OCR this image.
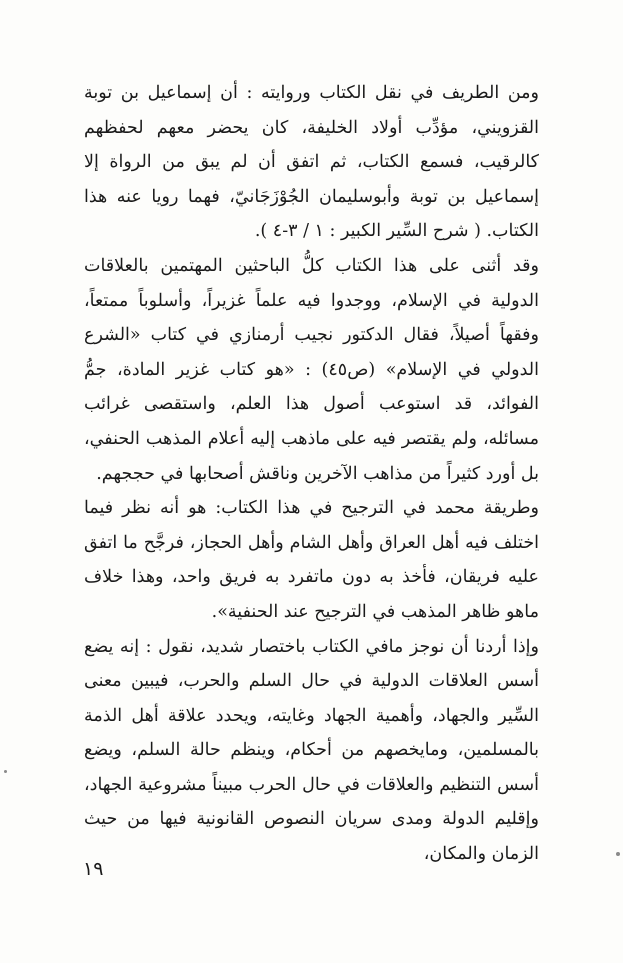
ومن الطريف في نقل الكتاب وروايته : أن إسماعيل بن توبة القزويني، مؤدِّب أولاد الخليفة، كان يحضر معهم لحفظهم كالرقيب، فسمع الكتاب، ثم اتفق أن لم يبق من الرواة إلا إسماعيل بن توبة وأبوسليمان الجُوْزَجَانيّ، فهما رويا عنه هذا الكتاب. ( شرح السِّير الكبير : ١ / ٣-٤ ).

وقد أثنى على هذا الكتاب كلُّ الباحثين المهتمين بالعلاقات الدولية في الإسلام، ووجدوا فيه علماً غزيراً، وأسلوباً ممتعاً، وفقهاً أصيلاً، فقال الدكتور نجيب أرمنازي في كتاب «الشرع الدولي في الإسلام» (ص٤٥) : «هو كتاب غزير المادة، جمُّ الفوائد، قد استوعب أصول هذا العلم، واستقصى غرائب مسائله، ولم يقتصر فيه على ماذهب إليه أعلام المذهب الحنفي، بل أورد كثيراً من مذاهب الآخرين وناقش أصحابها في حججهم.

وطريقة محمد في الترجيح في هذا الكتاب: هو أنه نظر فيما اختلف فيه أهل العراق وأهل الشام وأهل الحجاز، فرجَّح ما اتفق عليه فريقان، فأخذ به دون ماتفرد به فريق واحد، وهذا خلاف ماهو ظاهر المذهب في الترجيح عند الحنفية».

وإذا أردنا أن نوجز مافي الكتاب باختصار شديد، نقول : إنه يضع أسس العلاقات الدولية في حال السلم والحرب، فيبين معنى السِّير والجهاد، وأهمية الجهاد وغايته، ويحدد علاقة أهل الذمة بالمسلمين، ومايخصهم من أحكام، وينظم حالة السلم، ويضع أسس التنظيم والعلاقات في حال الحرب مبيناً مشروعية الجهاد، وإقليم الدولة ومدى سريان النصوص القانونية فيها من حيث الزمان والمكان،

١٩
